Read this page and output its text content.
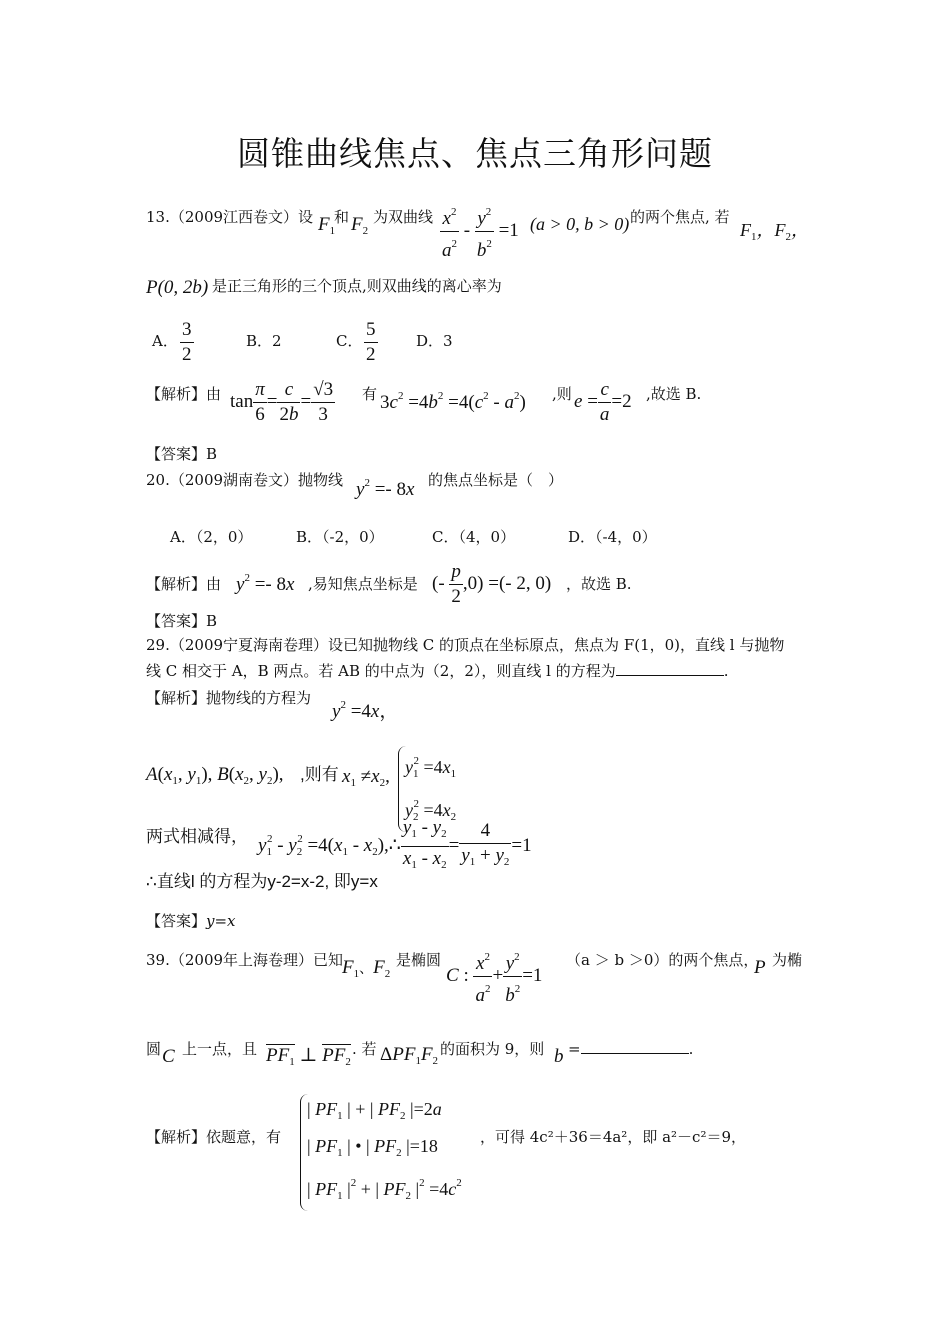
圆锥曲线焦点、焦点三角形问题
13.（2009江西卷文）设 $F_1$
和 $F_2$
为双曲线 $\frac{x^2}{a^2} - \frac{y^2}{b^2} =1$ (a > 0, b > 0) 的两个焦点, 若
$F_1$，$F_2$，
P(0, 2b) 是正三角形的三个顶点,则双曲线的离心率为
A． $\frac{3}{2}$	B．2	C． $\frac{5}{2}$	D．3
【解析】由 $\tan \frac{\pi}{6} = \frac{c}{2b} = \frac{√3}{3}$ 有 $3c^2 =4b^2 =4(c^2 - a^2)$ ,则 $e = \frac{c}{a} =2$ ,故选 B.
【答案】B
20.（2009湖南卷文）抛物线 $y^2 =- 8x$ 的焦点坐标是（　）
A．（2，0）	B．（-2，0）	C．（4，0）	D．（-4，0）
【解析】由 $y^2 =- 8x$ ,易知焦点坐标是 (- $\frac{p}{2} ,0$) =(- 2, 0) ，故选 B.
【答案】B
29.（2009宁夏海南卷理）设已知抛物线 C 的顶点在坐标原点，焦点为 F(1，0)，直线 l 与抛物
线 C 相交于 A，B 两点。若 AB 的中点为（2，2），则直线 l 的方程为	.
【解析】抛物线的方程为
$y^2 =4x$，
$A(x_1$, $y_1$), $B(x_2$, $y_2$), ,则有 $x_1 \ne x_2$, $y_1^2 =4x_1$
$y_2^2 =4x_2$
两式相减得， $y_1^2 - y_2^2 =4(x_1$ - $x_2),\therefore \frac{y_1 - y_2}{x_1 - x_2} = \frac{4}{y_1 + y_2} =1$
∴直线l 的方程为y-2=x-2, 即y=x
【答案】y=x
39.（2009年上海卷理）已知
$F_1$、$F_2$
是椭圆
C : $\frac{x^2}{a^2} + \frac{y^2}{b^2} =1$
（a ＞ b ＞0）的两个焦点，
P 为椭
圆 C 上一点，且 $PF_1$ ⊥ $PF_2$
. 若 $\Delta PF_1F_2$
的面积为 9，则 b =	.
【解析】依题意，有
| $PF_1$ | + | $PF_2$ |=2a
| $PF_1$ | • | $PF_2$ |=18
| $PF_1$ $|^2$ + | $PF_2$ $|^2 =4c^2$
，可得 4c²＋36＝4a²，即 a²－c²＝9，
